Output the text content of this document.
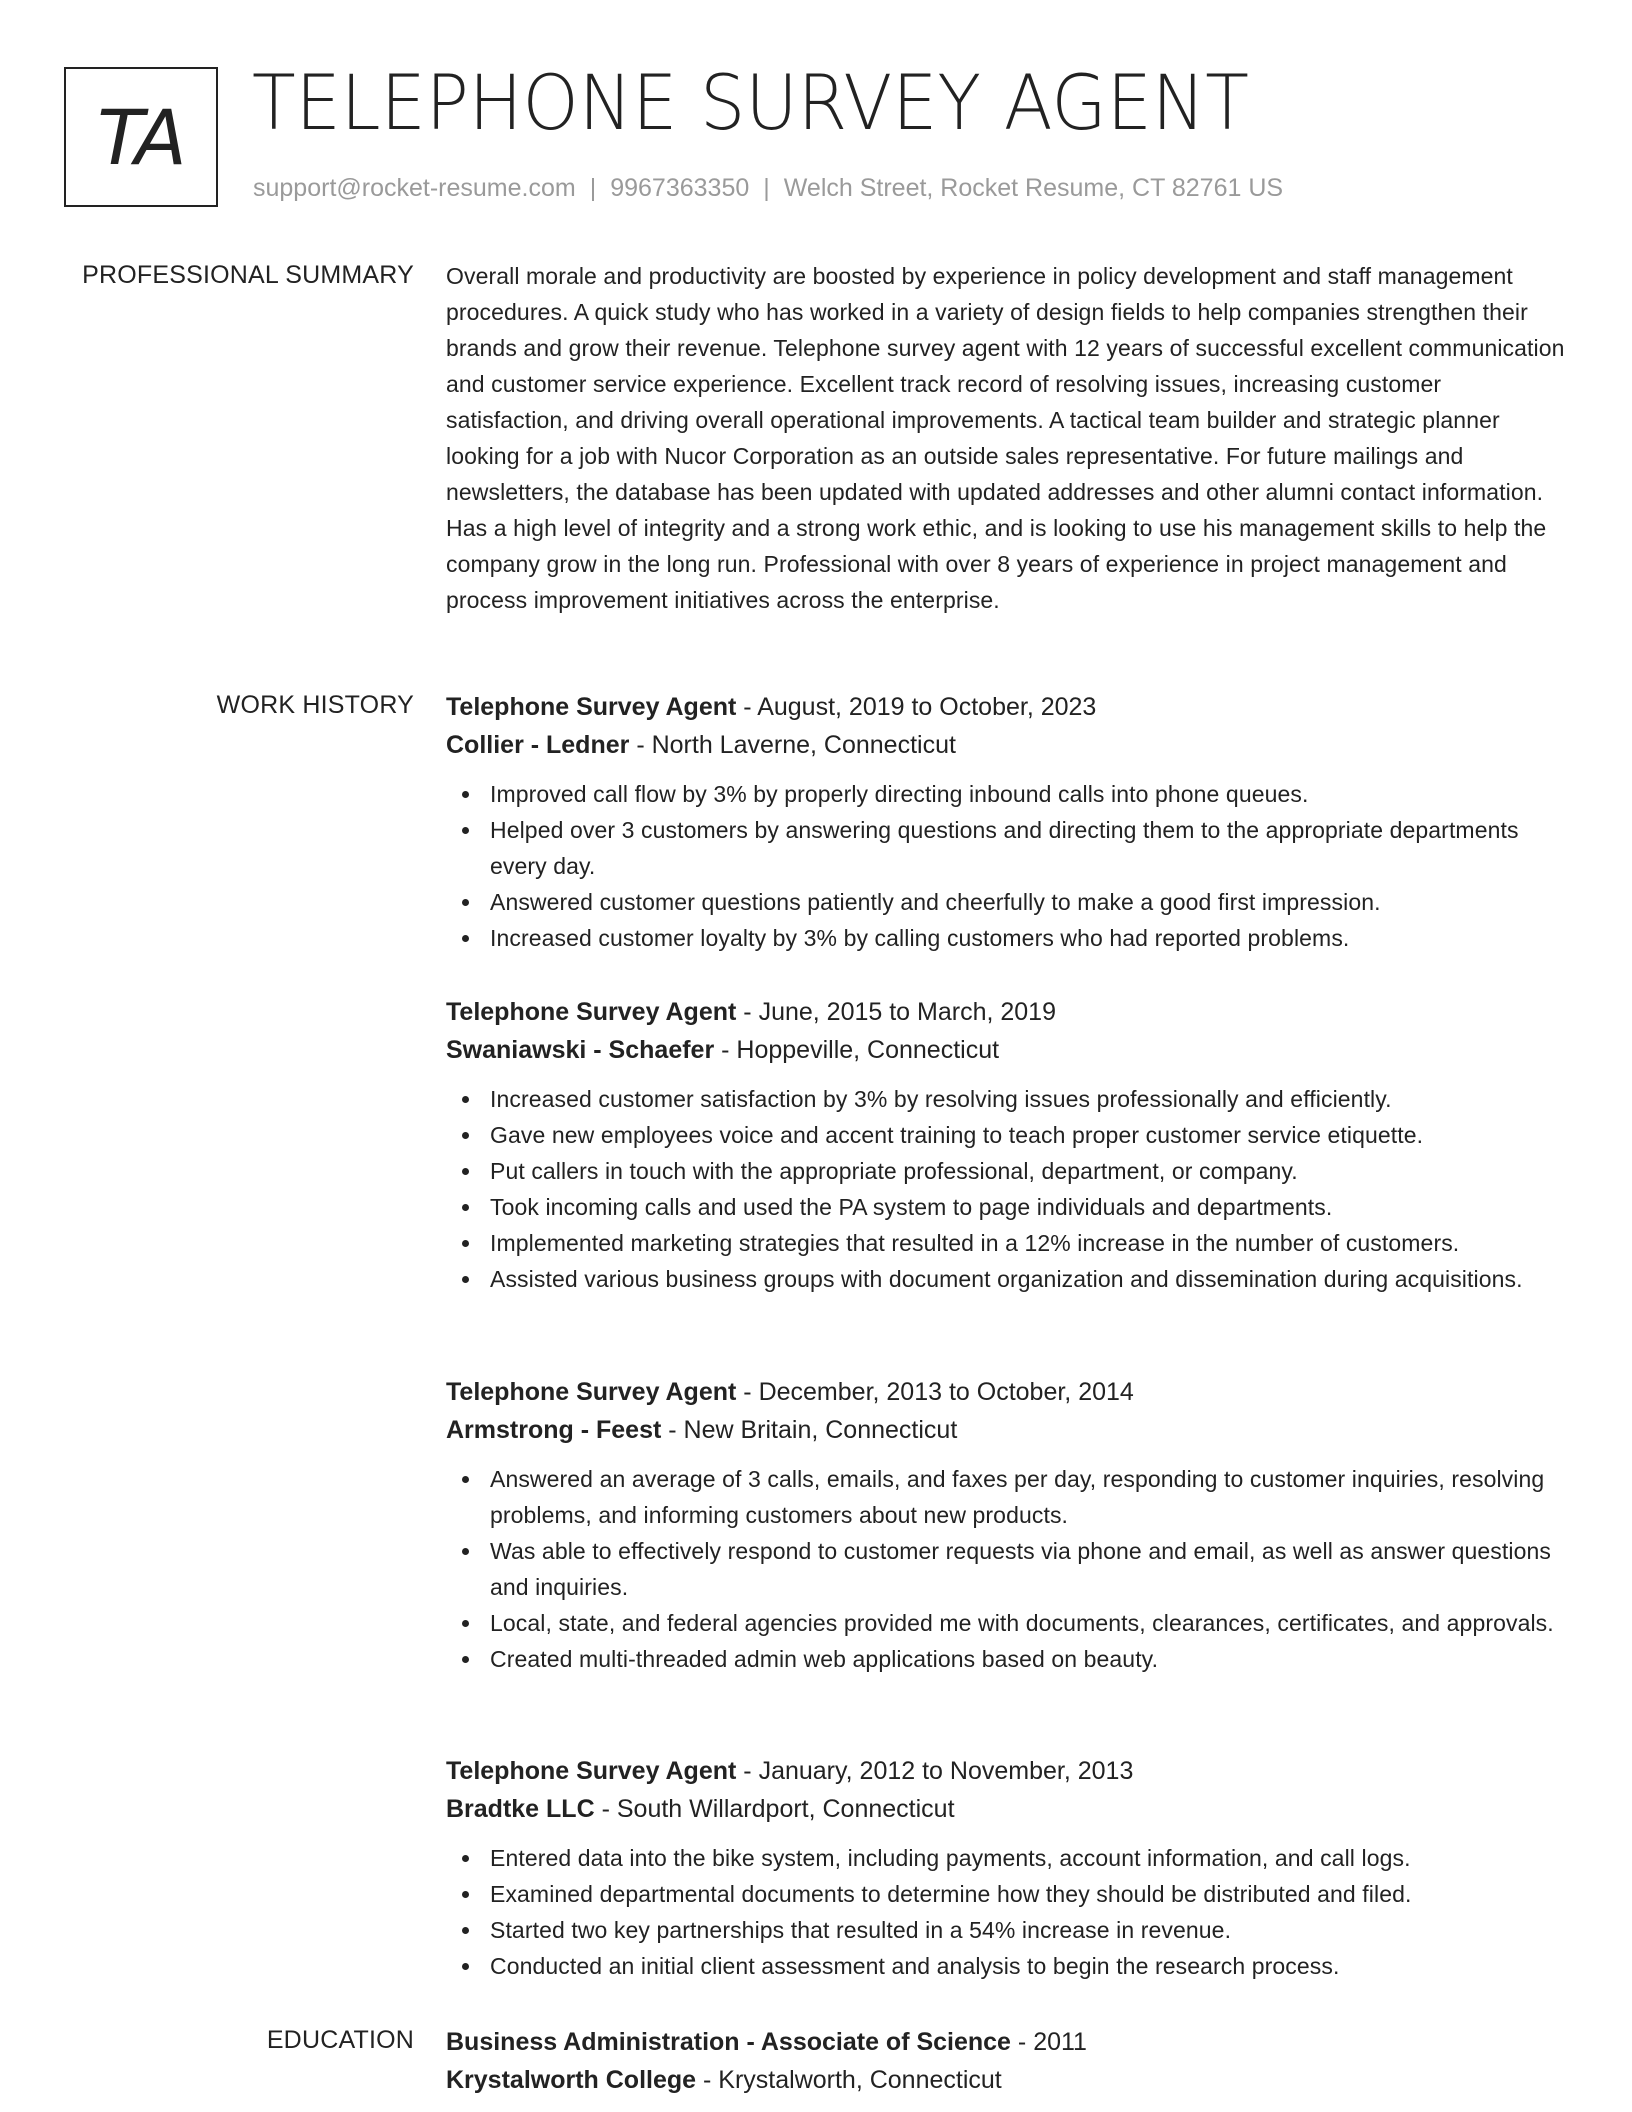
TA TELEPHONE SURVEY AGENT
support@rocket-resume.com | 9967363350 | Welch Street, Rocket Resume, CT 82761 US
PROFESSIONAL SUMMARY Overall morale and productivity are boosted by experience in policy development and staff management procedures. A quick study who has worked in a variety of design fields to help companies strengthen their brands and grow their revenue. Telephone survey agent with 12 years of successful excellent communication and customer service experience. Excellent track record of resolving issues, increasing customer satisfaction, and driving overall operational improvements. A tactical team builder and strategic planner looking for a job with Nucor Corporation as an outside sales representative. For future mailings and newsletters, the database has been updated with updated addresses and other alumni contact information. Has a high level of integrity and a strong work ethic, and is looking to use his management skills to help the company grow in the long run. Professional with over 8 years of experience in project management and process improvement initiatives across the enterprise.

WORK HISTORY Telephone Survey Agent - August, 2019 to October, 2023
Collier - Ledner - North Laverne, Connecticut
Improved call flow by 3% by properly directing inbound calls into phone queues.
Helped over 3 customers by answering questions and directing them to the appropriate departments every day.
Answered customer questions patiently and cheerfully to make a good first impression.
Increased customer loyalty by 3% by calling customers who had reported problems.
Telephone Survey Agent - June, 2015 to March, 2019
Swaniawski - Schaefer - Hoppeville, Connecticut
Increased customer satisfaction by 3% by resolving issues professionally and efficiently.
Gave new employees voice and accent training to teach proper customer service etiquette.
Put callers in touch with the appropriate professional, department, or company.
Took incoming calls and used the PA system to page individuals and departments.
Implemented marketing strategies that resulted in a 12% increase in the number of customers.
Assisted various business groups with document organization and dissemination during acquisitions.
Telephone Survey Agent - December, 2013 to October, 2014
Armstrong - Feest - New Britain, Connecticut
Answered an average of 3 calls, emails, and faxes per day, responding to customer inquiries, resolving problems, and informing customers about new products.
Was able to effectively respond to customer requests via phone and email, as well as answer questions and inquiries.
Local, state, and federal agencies provided me with documents, clearances, certificates, and approvals.
Created multi-threaded admin web applications based on beauty.
Telephone Survey Agent - January, 2012 to November, 2013
Bradtke LLC - South Willardport, Connecticut
Entered data into the bike system, including payments, account information, and call logs.
Examined departmental documents to determine how they should be distributed and filed.
Started two key partnerships that resulted in a 54% increase in revenue.
Conducted an initial client assessment and analysis to begin the research process.
EDUCATION Business Administration - Associate of Science - 2011
Krystalworth College - Krystalworth, Connecticut
